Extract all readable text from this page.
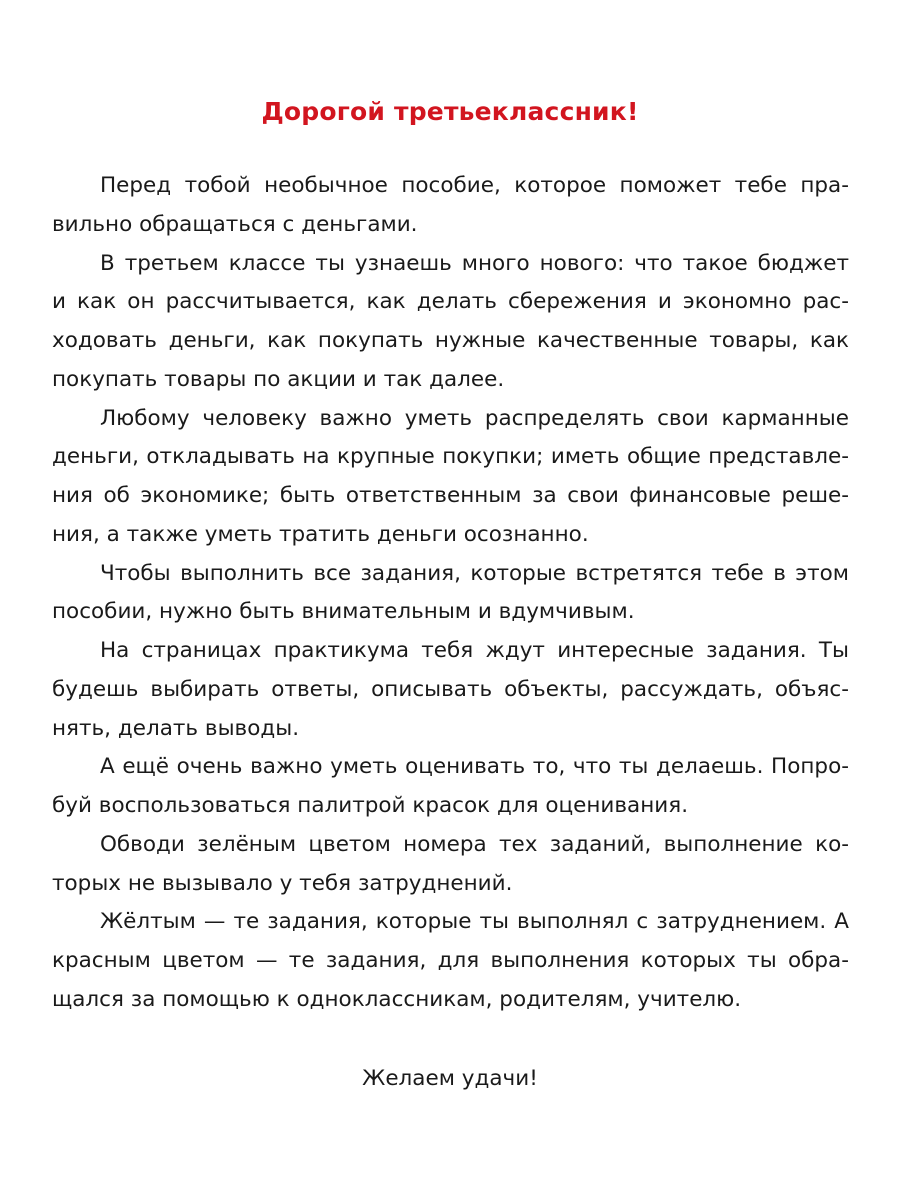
Дорогой третьеклассник!
Перед тобой необычное пособие, которое поможет тебе пра-
вильно обращаться с деньгами.
В третьем классе ты узнаешь много нового: что такое бюджет
и как он рассчитывается, как делать сбережения и экономно рас-
ходовать деньги, как покупать нужные качественные товары, как
покупать товары по акции и так далее.
Любому человеку важно уметь распределять свои карманные
деньги, откладывать на крупные покупки; иметь общие представле-
ния об экономике; быть ответственным за свои финансовые реше-
ния, а также уметь тратить деньги осознанно.
Чтобы выполнить все задания, которые встретятся тебе в этом
пособии, нужно быть внимательным и вдумчивым.
На страницах практикума тебя ждут интересные задания. Ты
будешь выбирать ответы, описывать объекты, рассуждать, объяс-
нять, делать выводы.
А ещё очень важно уметь оценивать то, что ты делаешь. Попро-
буй воспользоваться палитрой красок для оценивания.
Обводи зелёным цветом номера тех заданий, выполнение ко-
торых не вызывало у тебя затруднений.
Жёлтым — те задания, которые ты выполнял с затруднением. А
красным цветом — те задания, для выполнения которых ты обра-
щался за помощью к одноклассникам, родителям, учителю.

Желаем удачи!
